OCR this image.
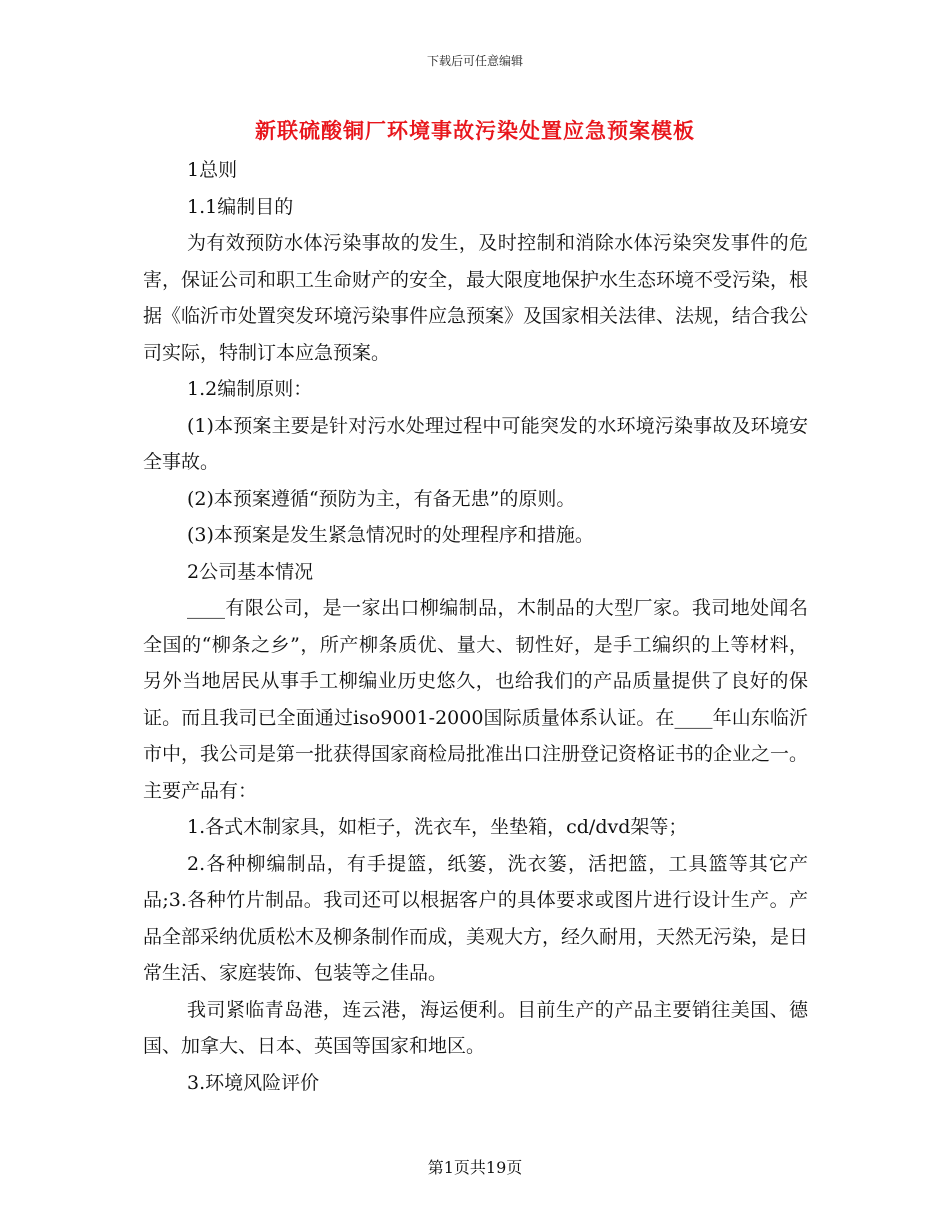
下载后可任意编辑
新联硫酸铜厂环境事故污染处置应急预案模板

1总则

1.1编制目的

为有效预防水体污染事故的发生，及时控制和消除水体污染突发事件的危害，保证公司和职工生命财产的安全，最大限度地保护水生态环境不受污染，根据《临沂市处置突发环境污染事件应急预案》及国家相关法律、法规，结合我公司实际，特制订本应急预案。

1.2编制原则：

(1)本预案主要是针对污水处理过程中可能突发的水环境污染事故及环境安全事故。

(2)本预案遵循“预防为主，有备无患”的原则。

(3)本预案是发生紧急情况时的处理程序和措施。

2公司基本情况

____有限公司，是一家出口柳编制品，木制品的大型厂家。我司地处闻名全国的“柳条之乡”，所产柳条质优、量大、韧性好，是手工编织的上等材料，另外当地居民从事手工柳编业历史悠久，也给我们的产品质量提供了良好的保证。而且我司已全面通过iso9001-2000国际质量体系认证。在____年山东临沂市中，我公司是第一批获得国家商检局批准出口注册登记资格证书的企业之一。主要产品有：

1.各式木制家具，如柜子，洗衣车，坐垫箱，cd/dvd架等；

2.各种柳编制品，有手提篮，纸篓，洗衣篓，活把篮，工具篮等其它产品;3.各种竹片制品。我司还可以根据客户的具体要求或图片进行设计生产。产品全部采纳优质松木及柳条制作而成，美观大方，经久耐用，天然无污染，是日常生活、家庭装饰、包装等之佳品。

我司紧临青岛港，连云港，海运便利。目前生产的产品主要销往美国、德国、加拿大、日本、英国等国家和地区。

3.环境风险评价

第1页共19页
